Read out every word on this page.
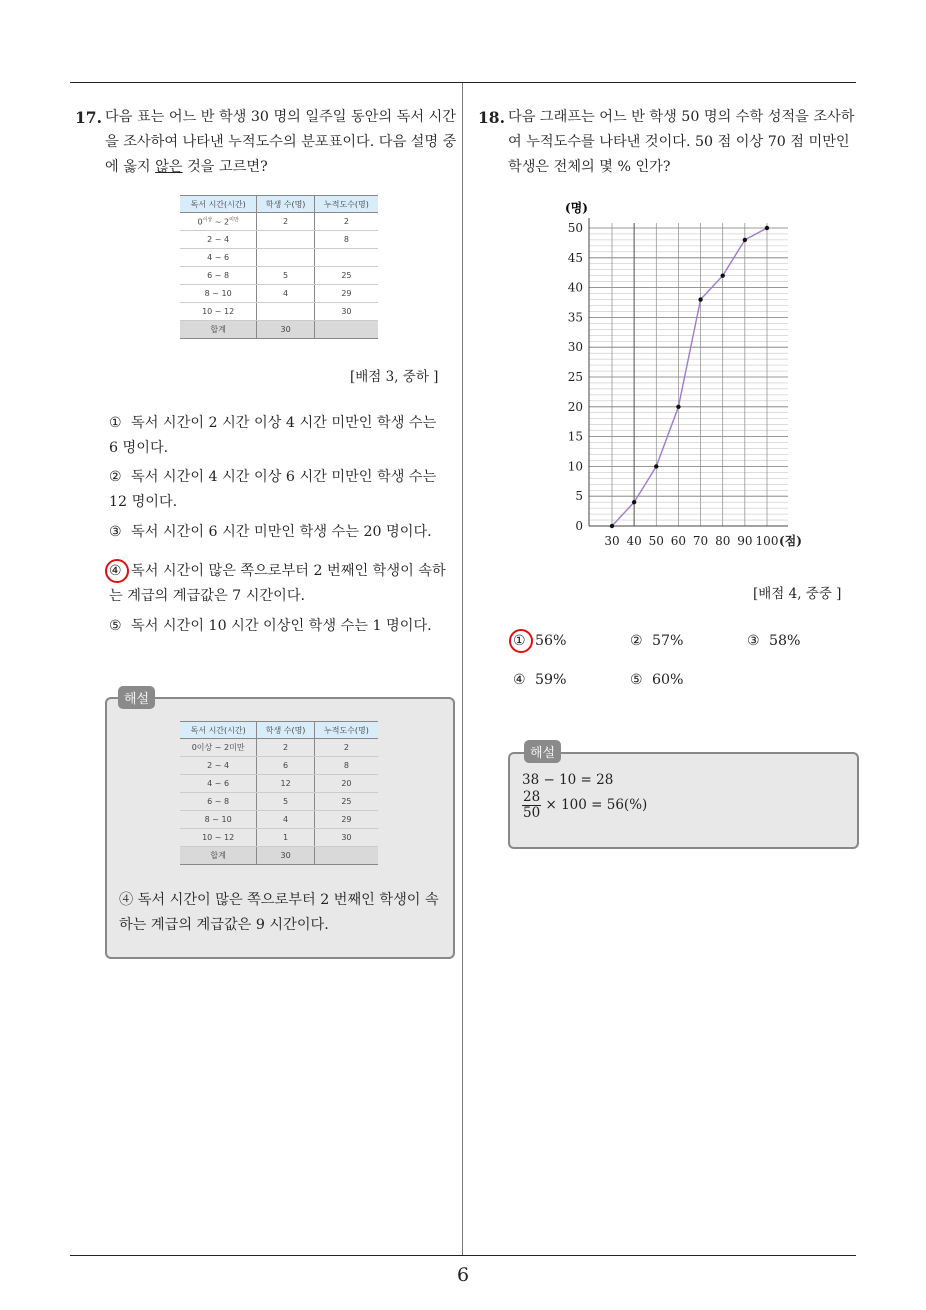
6
17. 다음 표는 어느 반 학생 30 명의 일주일 동안의 독서 시간을 조사하여 나타낸 누적도수의 분포표이다. 다음 설명 중에 옳지 않은 것을 고르면?
독서 시간(시간)	학생 수(명)	누적도수(명)
$0^{이상}$ ~ $2^{미만}$	2	2
2 ~ 4		8
4 ~ 6		
6 ~ 8	5	25
8 ~ 10	4	29
10 ~ 12		30
합계	30	
[배점 3, 중하 ]
① 독서 시간이 2 시간 이상 4 시간 미만인 학생 수는 6 명이다.
② 독서 시간이 4 시간 이상 6 시간 미만인 학생 수는 12 명이다.
③ 독서 시간이 6 시간 미만인 학생 수는 20 명이다.
④ 독서 시간이 많은 쪽으로부터 2 번째인 학생이 속하는 계급의 계급값은 7 시간이다.
⑤ 독서 시간이 10 시간 이상인 학생 수는 1 명이다.
해설
독서 시간(시간)	학생 수(명)	누적도수(명)
0이상 ~ 2미만	2	2
2 ~ 4	6	8
4 ~ 6	12	20
6 ~ 8	5	25
8 ~ 10	4	29
10 ~ 12	1	30
합계	30	
④ 독서 시간이 많은 쪽으로부터 2 번째인 학생이 속하는 계급의 계급값은 9 시간이다.
18. 다음 그래프는 어느 반 학생 50 명의 수학 성적을 조사하여 누적도수를 나타낸 것이다. 50 점 이상 70 점 미만인 학생은 전체의 몇 % 인가?
0
5
10
15
20
25
30
35
40
45
50
30 40 50 60 70 80 90 100 (점)
(명)
[배점 4, 중중 ]
① 56%	② 57%	③ 58%
④ 59%	⑤ 60%
해설
38 − 10 = 28
$\frac{28}{50} \times 100 = 56(\%)$
